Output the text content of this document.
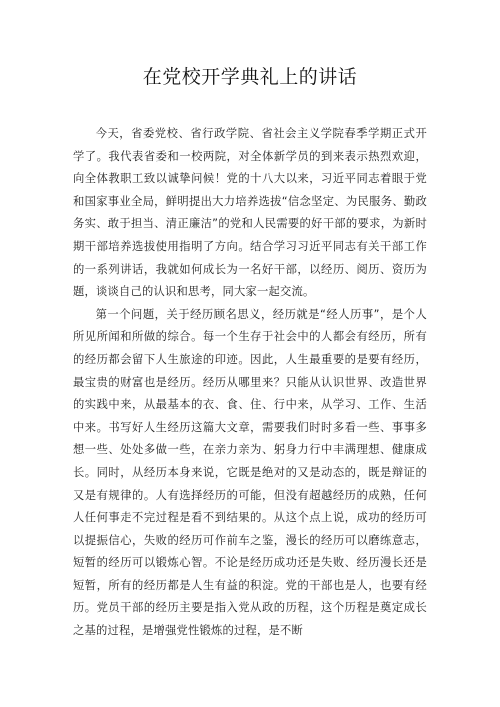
在党校开学典礼上的讲话

今天，省委党校、省行政学院、省社会主义学院春季学期正式开学了。我代表省委和一校两院，对全体新学员的到来表示热烈欢迎，向全体教职工致以诚挚问候！党的十八大以来，习近平同志着眼于党和国家事业全局，鲜明提出大力培养选拔“信念坚定、为民服务、勤政务实、敢于担当、清正廉洁”的党和人民需要的好干部的要求，为新时期干部培养选拔使用指明了方向。结合学习习近平同志有关干部工作的一系列讲话，我就如何成长为一名好干部，以经历、阅历、资历为题，谈谈自己的认识和思考，同大家一起交流。

第一个问题，关于经历顾名思义，经历就是“经人历事”，是个人所见所闻和所做的综合。每一个生存于社会中的人都会有经历，所有的经历都会留下人生旅途的印迹。因此，人生最重要的是要有经历，最宝贵的财富也是经历。经历从哪里来？只能从认识世界、改造世界的实践中来，从最基本的衣、食、住、行中来，从学习、工作、生活中来。书写好人生经历这篇大文章，需要我们时时多看一些、事事多想一些、处处多做一些，在亲力亲为、躬身力行中丰满理想、健康成长。同时，从经历本身来说，它既是绝对的又是动态的，既是辩证的又是有规律的。人有选择经历的可能，但没有超越经历的成熟，任何人任何事走不完过程是看不到结果的。从这个点上说，成功的经历可以提振信心，失败的经历可作前车之鉴，漫长的经历可以磨练意志，短暂的经历可以锻炼心智。不论是经历成功还是失败、经历漫长还是短暂，所有的经历都是人生有益的积淀。党的干部也是人，也要有经历。党员干部的经历主要是指入党从政的历程，这个历程是奠定成长之基的过程，是增强党性锻炼的过程，是不断
